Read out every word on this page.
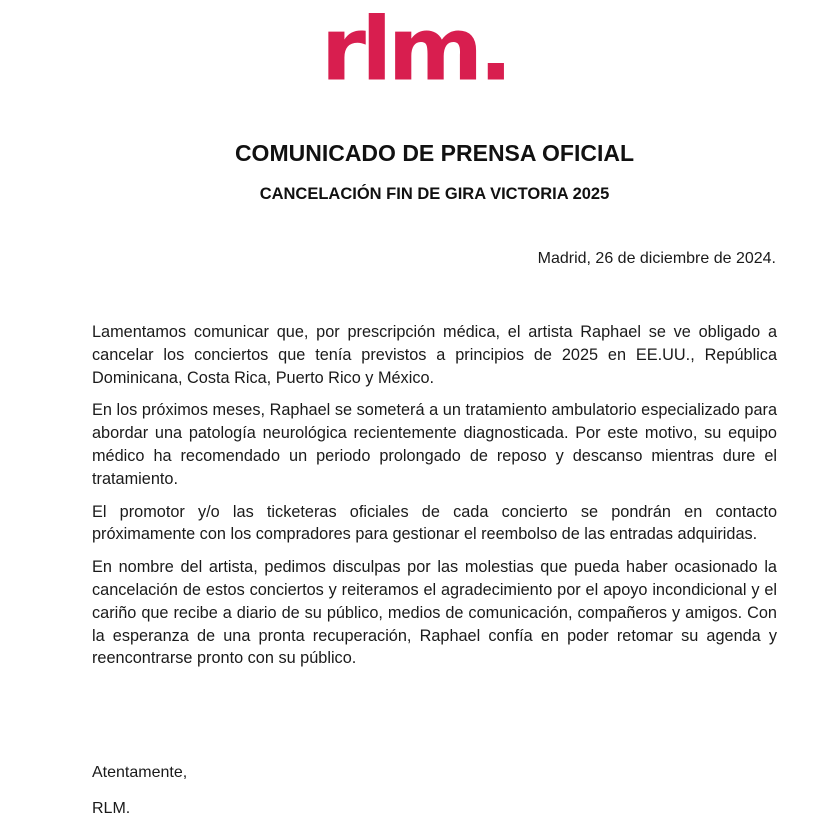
rlm.
COMUNICADO DE PRENSA OFICIAL
CANCELACIÓN FIN DE GIRA VICTORIA 2025

Madrid, 26 de diciembre de 2024.

Lamentamos comunicar que, por prescripción médica, el artista Raphael se ve obligado a cancelar los conciertos que tenía previstos a principios de 2025 en EE.UU., República Dominicana, Costa Rica, Puerto Rico y México.

En los próximos meses, Raphael se someterá a un tratamiento ambulatorio especializado para abordar una patología neurológica recientemente diagnosticada. Por este motivo, su equipo médico ha recomendado un periodo prolongado de reposo y descanso mientras dure el tratamiento.

El promotor y/o las ticketeras oficiales de cada concierto se pondrán en contacto próximamente con los compradores para gestionar el reembolso de las entradas adquiridas.

En nombre del artista, pedimos disculpas por las molestias que pueda haber ocasionado la cancelación de estos conciertos y reiteramos el agradecimiento por el apoyo incondicional y el cariño que recibe a diario de su público, medios de comunicación, compañeros y amigos. Con la esperanza de una pronta recuperación, Raphael confía en poder retomar su agenda y reencontrarse pronto con su público.

Atentamente,

RLM.
